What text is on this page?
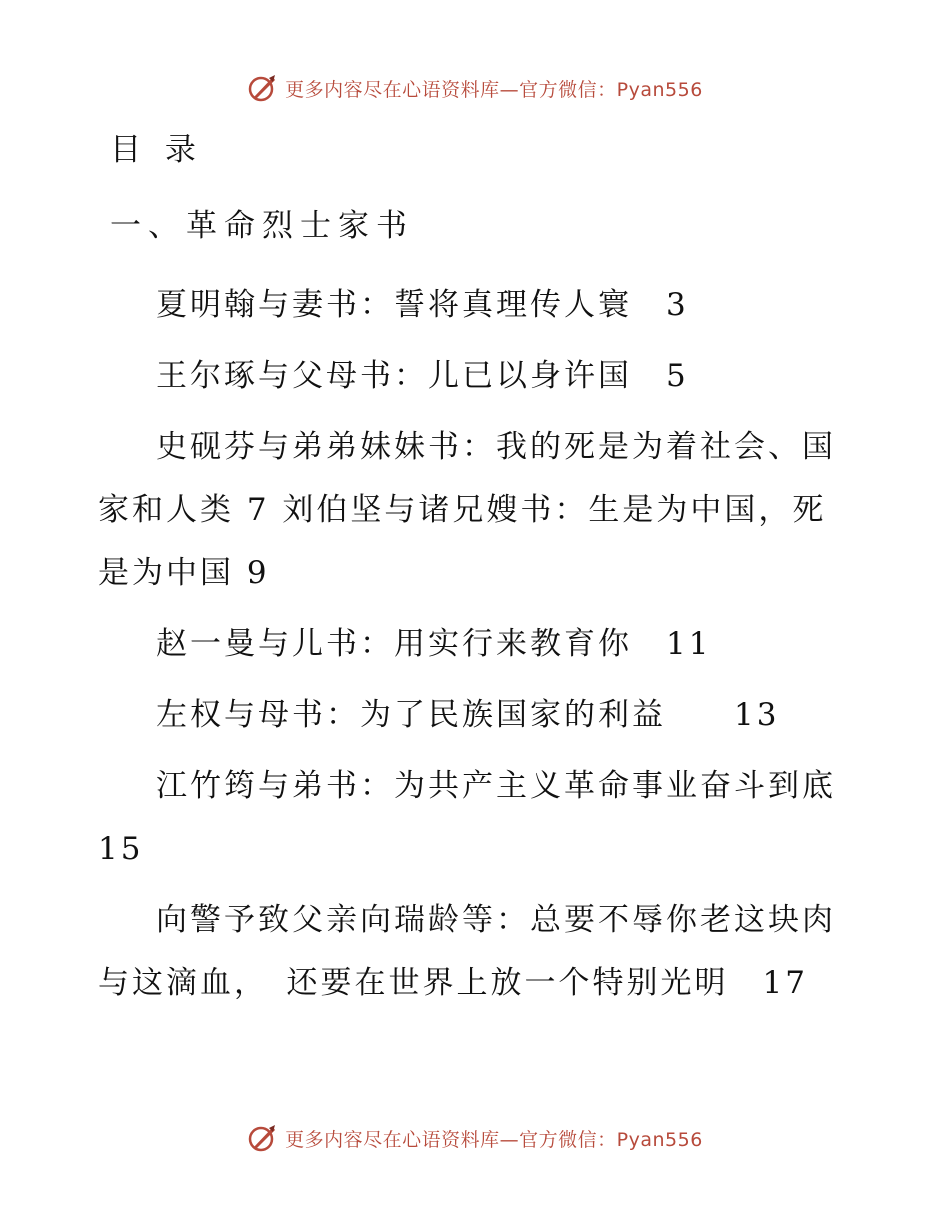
更多内容尽在心语资料库—官方微信：Pyan556
目 录
一、革命烈士家书

夏明翰与妻书：誓将真理传人寰　3

王尔琢与父母书：儿已以身许国　5

史砚芬与弟弟妹妹书：我的死是为着社会、国家和人类 7 刘伯坚与诸兄嫂书：生是为中国，死是为中国 9

赵一曼与儿书：用实行来教育你　11

左权与母书：为了民族国家的利益　　13

江竹筠与弟书：为共产主义革命事业奋斗到底　15

向警予致父亲向瑞龄等：总要不辱你老这块肉与这滴血，　还要在世界上放一个特别光明　17

更多内容尽在心语资料库—官方微信：Pyan556
